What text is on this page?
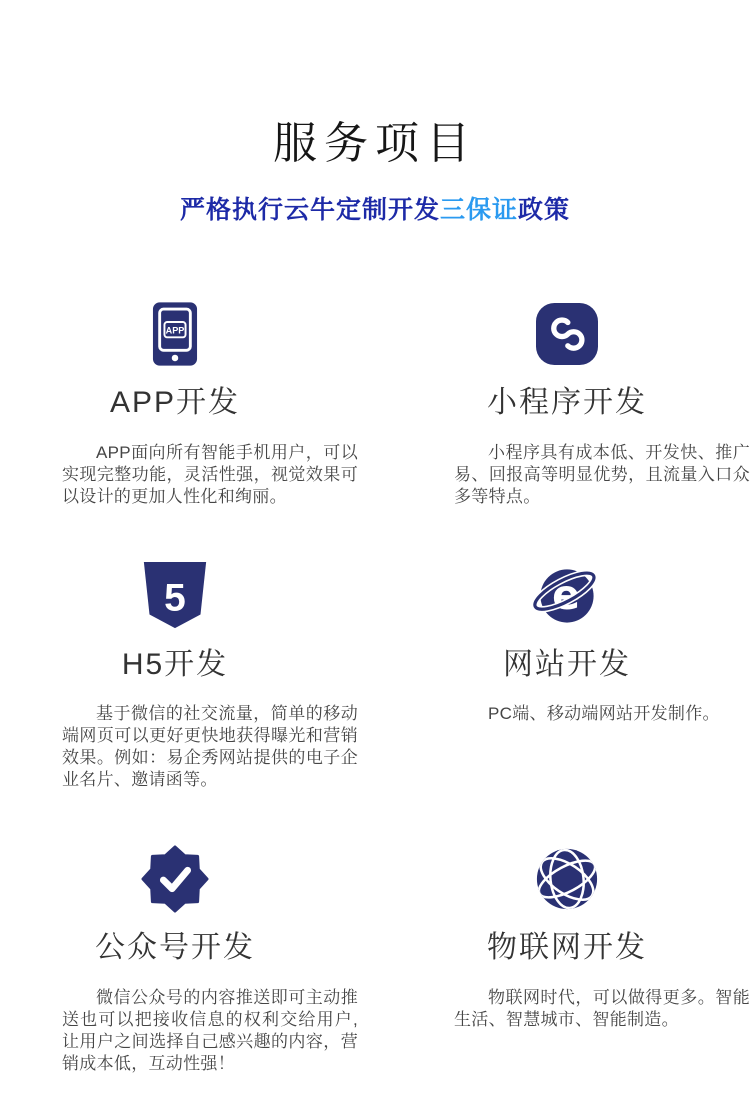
服务项目
严格执行云牛定制开发三保证政策
APP
APP开发

APP面向所有智能手机用户，可以实现完整功能，灵活性强，视觉效果可以设计的更加人性化和绚丽。

小程序开发

小程序具有成本低、开发快、推广易、回报高等明显优势，且流量入口众多等特点。

5
H5开发

基于微信的社交流量，简单的移动端网页可以更好更快地获得曝光和营销效果。例如：易企秀网站提供的电子企业名片、邀请函等。

e
网站开发

PC端、移动端网站开发制作。

公众号开发

微信公众号的内容推送即可主动推送也可以把接收信息的权利交给用户,让用户之间选择自己感兴趣的内容，营销成本低，互动性强！

物联网开发

物联网时代，可以做得更多。智能生活、智慧城市、智能制造。
